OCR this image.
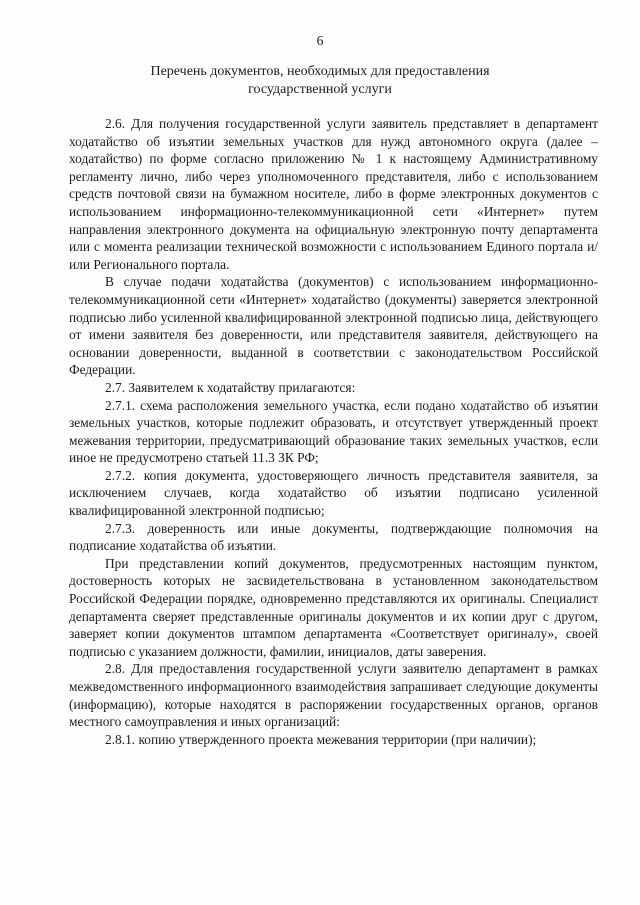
6
Перечень документов, необходимых для предоставления
государственной услуги

2.6. Для получения государственной услуги заявитель представляет в департамент ходатайство об изъятии земельных участков для нужд автономного округа (далее – ходатайство) по форме согласно приложению № 1 к настоящему Административному регламенту лично, либо через уполномоченного представителя, либо с использованием средств почтовой связи на бумажном носителе, либо в форме электронных документов с использованием информационно-телекоммуникационной сети «Интернет» путем направления электронного документа на официальную электронную почту департамента или с момента реализации технической возможности с использованием Единого портала и/или Регионального портала.

В случае подачи ходатайства (документов) с использованием информационно-телекоммуникационной сети «Интернет» ходатайство (документы) заверяется электронной подписью либо усиленной квалифицированной электронной подписью лица, действующего от имени заявителя без доверенности, или представителя заявителя, действующего на основании доверенности, выданной в соответствии с законодательством Российской Федерации.

2.7. Заявителем к ходатайству прилагаются:

2.7.1. схема расположения земельного участка, если подано ходатайство об изъятии земельных участков, которые подлежит образовать, и отсутствует утвержденный проект межевания территории, предусматривающий образование таких земельных участков, если иное не предусмотрено статьей 11.3 ЗК РФ;

2.7.2. копия документа, удостоверяющего личность представителя заявителя, за исключением случаев, когда ходатайство об изъятии подписано усиленной квалифицированной электронной подписью;

2.7.3. доверенность или иные документы, подтверждающие полномочия на подписание ходатайства об изъятии.

При представлении копий документов, предусмотренных настоящим пунктом, достоверность которых не засвидетельствована в установленном законодательством Российской Федерации порядке, одновременно представляются их оригиналы. Специалист департамента сверяет представленные оригиналы документов и их копии друг с другом, заверяет копии документов штампом департамента «Соответствует оригиналу», своей подписью с указанием должности, фамилии, инициалов, даты заверения.

2.8. Для предоставления государственной услуги заявителю департамент в рамках межведомственного информационного взаимодействия запрашивает следующие документы (информацию), которые находятся в распоряжении государственных органов, органов местного самоуправления и иных организаций:

2.8.1. копию утвержденного проекта межевания территории (при наличии);
